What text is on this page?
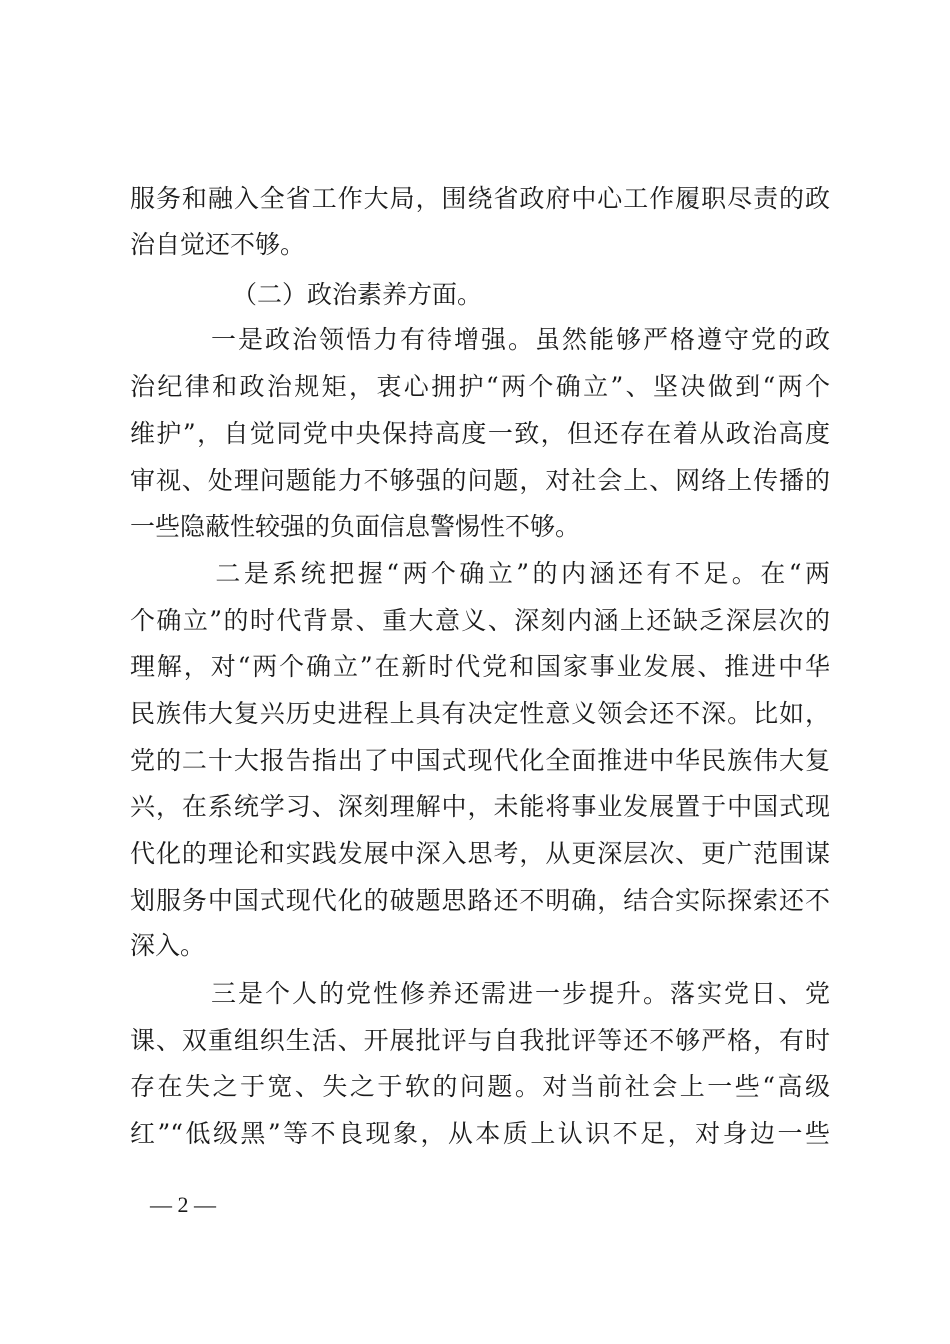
服务和融入全省工作大局，围绕省政府中心工作履职尽责的政
治自觉还不够。
（二）政治素养方面。
　　　一是政治领悟力有待增强。虽然能够严格遵守党的政
治纪律和政治规矩，衷心拥护“两个确立”、坚决做到“两个
维护”，自觉同党中央保持高度一致，但还存在着从政治高度
审视、处理问题能力不够强的问题，对社会上、网络上传播的
一些隐蔽性较强的负面信息警惕性不够。
　　　二是系统把握“两个确立”的内涵还有不足。在“两
个确立”的时代背景、重大意义、深刻内涵上还缺乏深层次的
理解，对“两个确立”在新时代党和国家事业发展、推进中华
民族伟大复兴历史进程上具有决定性意义领会还不深。比如，
党的二十大报告指出了中国式现代化全面推进中华民族伟大复
兴，在系统学习、深刻理解中，未能将事业发展置于中国式现
代化的理论和实践发展中深入思考，从更深层次、更广范围谋
划服务中国式现代化的破题思路还不明确，结合实际探索还不
深入。
　　　三是个人的党性修养还需进一步提升。落实党日、党
课、双重组织生活、开展批评与自我批评等还不够严格，有时
存在失之于宽、失之于软的问题。对当前社会上一些“高级
红”“低级黑”等不良现象，从本质上认识不足，对身边一些
— 2 —
